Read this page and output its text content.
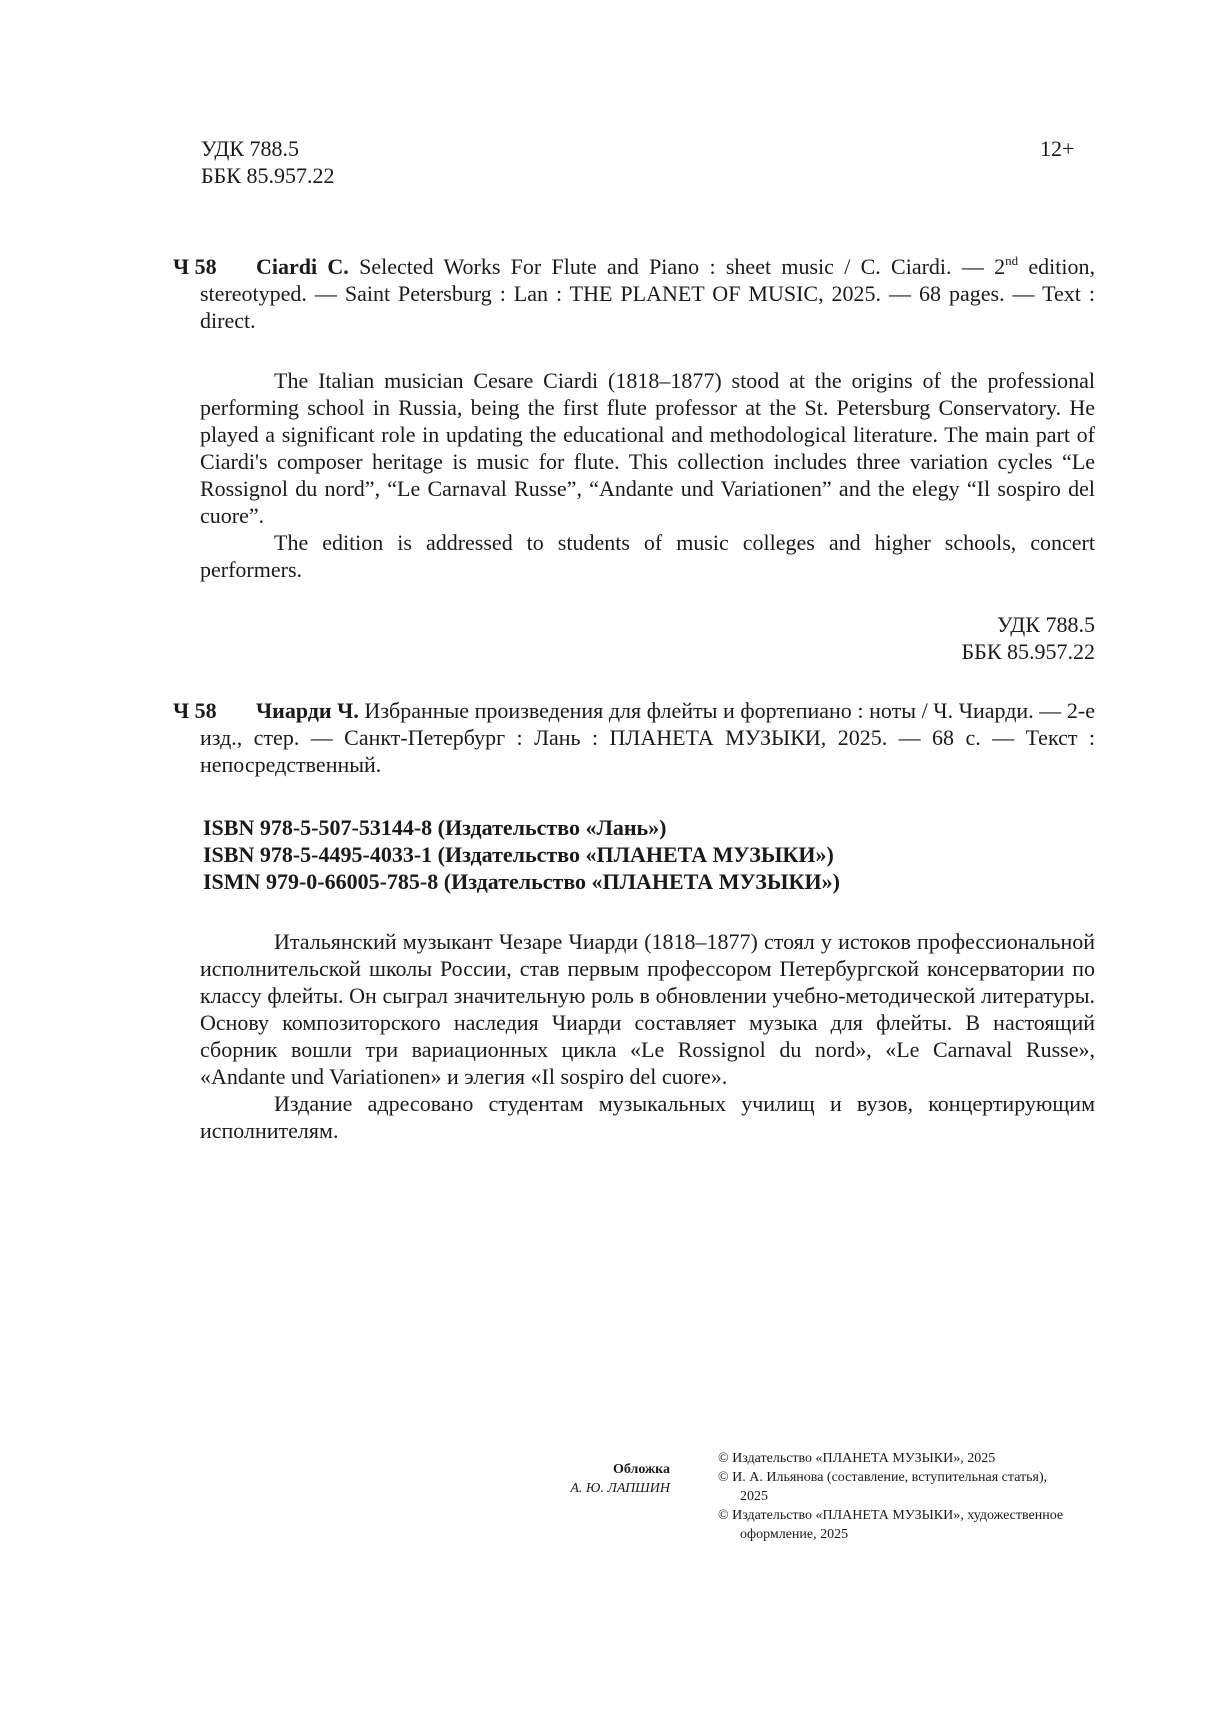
УДК 788.5
ББК 85.957.22
12+
Ч 58	Ciardi C. Selected Works For Flute and Piano : sheet music / C. Ciardi. — 2nd edition, stereotyped. — Saint Petersburg : Lan : THE PLANET OF MUSIC, 2025. — 68 pages. — Text : direct.

The Italian musician Cesare Ciardi (1818–1877) stood at the origins of the professional performing school in Russia, being the first flute professor at the St. Petersburg Conservatory. He played a significant role in updating the educational and methodological literature. The main part of Ciardi's composer heritage is music for flute. This collection includes three variation cycles “Le Rossignol du nord”, “Le Carnaval Russe”, “Andante und Variationen” and the elegy “Il sospiro del cuore”.

The edition is addressed to students of music colleges and higher schools, concert performers.

УДК 788.5
ББК 85.957.22
Ч 58	Чиарди Ч. Избранные произведения для флейты и фортепиано : ноты / Ч. Чиарди. — 2-е изд., стер. — Санкт-Петербург : Лань : ПЛАНЕТА МУЗЫКИ, 2025. — 68 с. — Текст : непосредственный.

ISBN 978-5-507-53144-8 (Издательство «Лань»)
ISBN 978-5-4495-4033-1 (Издательство «ПЛАНЕТА МУЗЫКИ»)
ISMN 979-0-66005-785-8 (Издательство «ПЛАНЕТА МУЗЫКИ»)

Итальянский музыкант Чезаре Чиарди (1818–1877) стоял у истоков профессиональной исполнительской школы России, став первым профессором Петербургской консерватории по классу флейты. Он сыграл значительную роль в обновлении учебно-методической литературы. Основу композиторского наследия Чиарди составляет музыка для флейты. В настоящий сборник вошли три вариационных цикла «Le Rossignol du nord», «Le Carnaval Russe», «Andante und Variationen» и элегия «Il sospiro del cuore».

Издание адресовано студентам музыкальных училищ и вузов, концертирующим исполнителям.

Обложка
А. Ю. ЛАПШИН
© Издательство «ПЛАНЕТА МУЗЫКИ», 2025
© И. А. Ильянова (составление, вступительная статья), 2025
© Издательство «ПЛАНЕТА МУЗЫКИ», художественное оформление, 2025
